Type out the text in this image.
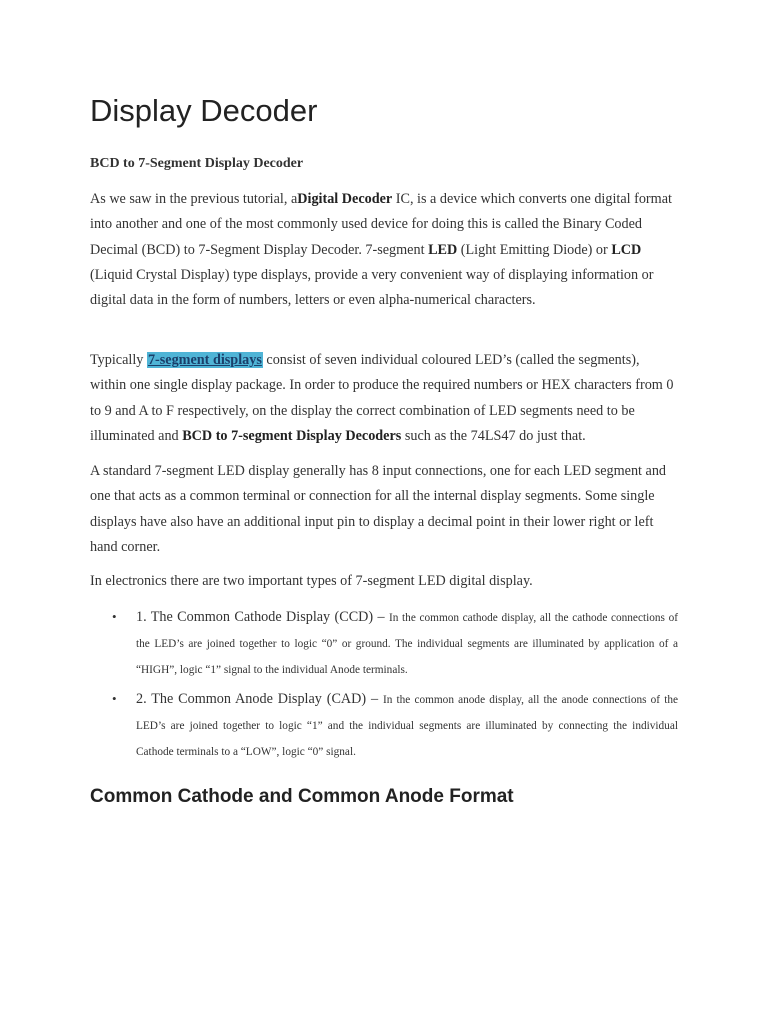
Display Decoder
BCD to 7-Segment Display Decoder

As we saw in the previous tutorial, aDigital Decoder IC, is a device which converts one digital format into another and one of the most commonly used device for doing this is called the Binary Coded Decimal (BCD) to 7-Segment Display Decoder. 7-segment LED (Light Emitting Diode) or LCD (Liquid Crystal Display) type displays, provide a very convenient way of displaying information or digital data in the form of numbers, letters or even alpha-numerical characters.

Typically 7-segment displays consist of seven individual coloured LED’s (called the segments), within one single display package. In order to produce the required numbers or HEX characters from 0 to 9 and A to F respectively, on the display the correct combination of LED segments need to be illuminated and BCD to 7-segment Display Decoders such as the 74LS47 do just that.

A standard 7-segment LED display generally has 8 input connections, one for each LED segment and one that acts as a common terminal or connection for all the internal display segments. Some single displays have also have an additional input pin to display a decimal point in their lower right or left hand corner.

In electronics there are two important types of 7-segment LED digital display.

• 1. The Common Cathode Display (CCD) – In the common cathode display, all the cathode connections of the LED’s are joined together to logic “0” or ground. The individual segments are illuminated by application of a “HIGH”, logic “1” signal to the individual Anode terminals.
• 2. The Common Anode Display (CAD) – In the common anode display, all the anode connections of the LED’s are joined together to logic “1” and the individual segments are illuminated by connecting the individual Cathode terminals to a “LOW”, logic “0” signal.
Common Cathode and Common Anode Format
